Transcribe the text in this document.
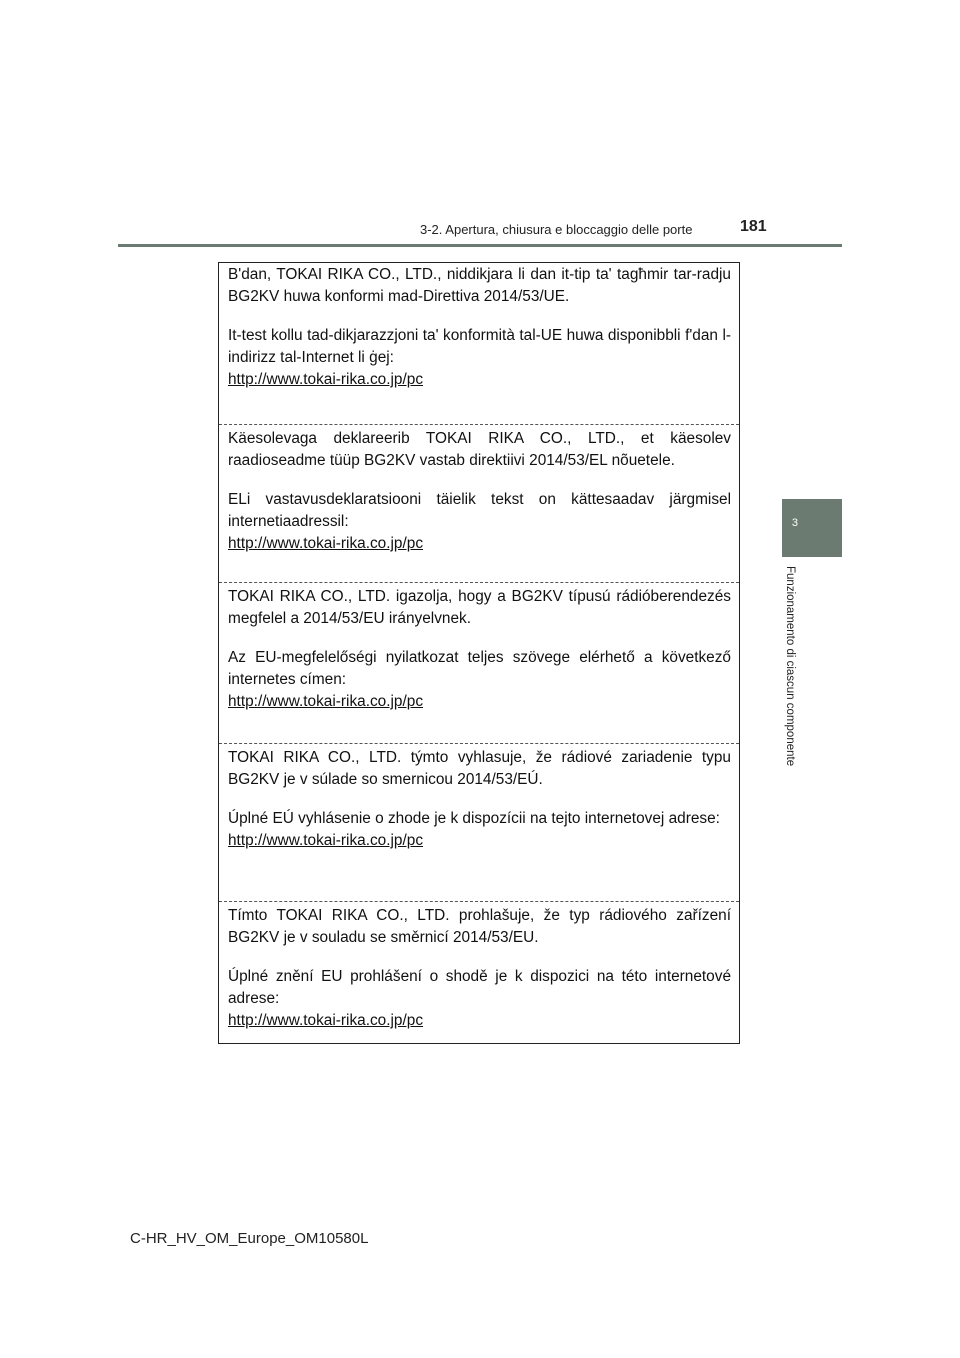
3-2. Apertura, chiusura e bloccaggio delle porte	181
3
Funzionamento di ciascun componente

B'dan, TOKAI RIKA CO., LTD., niddikjara li dan it-tip ta' tagħmir tar-radju BG2KV huwa konformi mad-Direttiva 2014/53/UE.

It-test kollu tad-dikjarazzjoni ta' konformità tal-UE huwa disponibbli f'dan l-indirizz tal-Internet li ġej:

http://www.tokai-rika.co.jp/pc

Käesolevaga deklareerib TOKAI RIKA CO., LTD., et käesolev raadioseadme tüüp BG2KV vastab direktiivi 2014/53/EL nõuetele.

ELi vastavusdeklaratsiooni täielik tekst on kättesaadav järgmisel internetiaadressil:

http://www.tokai-rika.co.jp/pc

TOKAI RIKA CO., LTD. igazolja, hogy a BG2KV típusú rádióberendezés megfelel a 2014/53/EU irányelvnek.

Az EU-megfelelőségi nyilatkozat teljes szövege elérhető a következő internetes címen:

http://www.tokai-rika.co.jp/pc

TOKAI RIKA CO., LTD. týmto vyhlasuje, že rádiové zariadenie typu BG2KV je v súlade so smernicou 2014/53/EÚ.

Úplné EÚ vyhlásenie o zhode je k dispozícii na tejto internetovej adrese:

http://www.tokai-rika.co.jp/pc

Tímto TOKAI RIKA CO., LTD. prohlašuje, že typ rádiového zařízení BG2KV je v souladu se směrnicí 2014/53/EU.

Úplné znění EU prohlášení o shodě je k dispozici na této internetové adrese:

http://www.tokai-rika.co.jp/pc
C-HR_HV_OM_Europe_OM10580L
